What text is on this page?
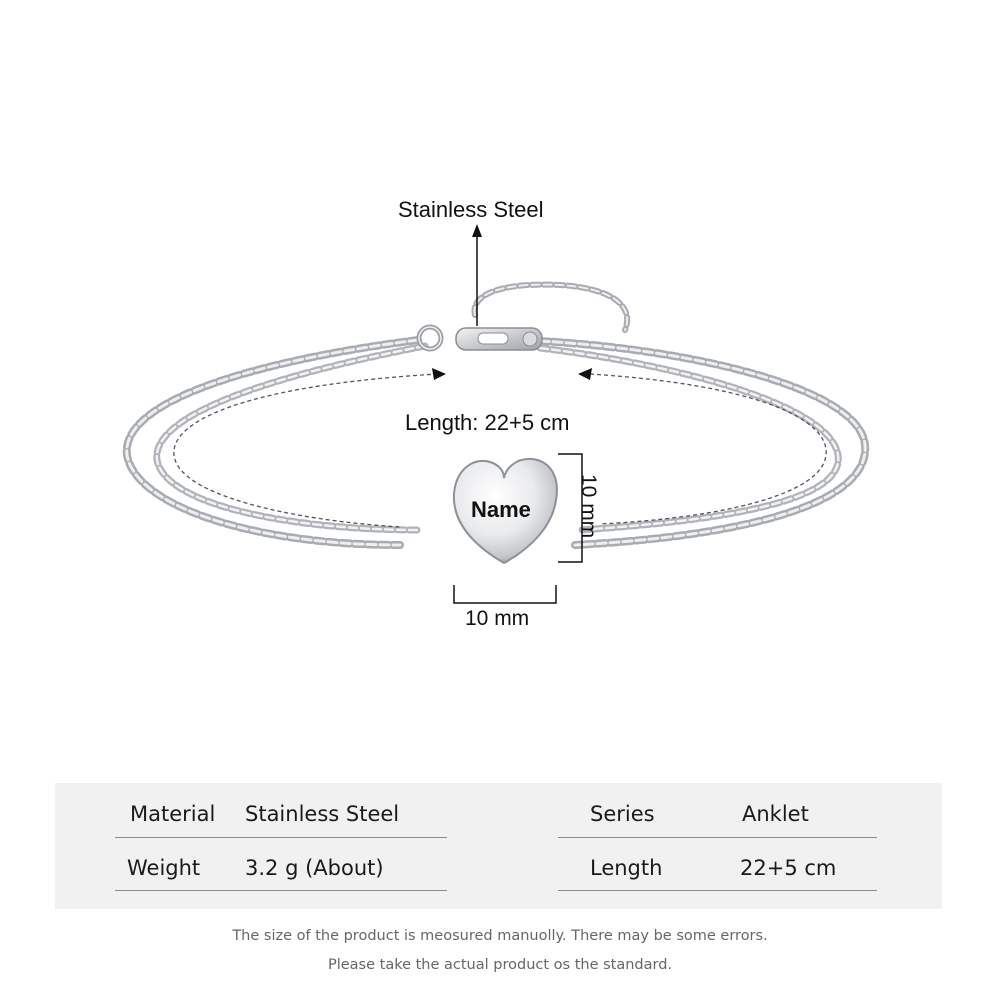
Stainless Steel
Length: 22+5 cm
10 mm
10 mm
Name
Material Stainless Steel
Weight 3.2 g (About)
Series	Anklet
Length	22+5 cm
The size of the product is meosured manuolly. There may be some errors.
Please take the actual product os the standard.
